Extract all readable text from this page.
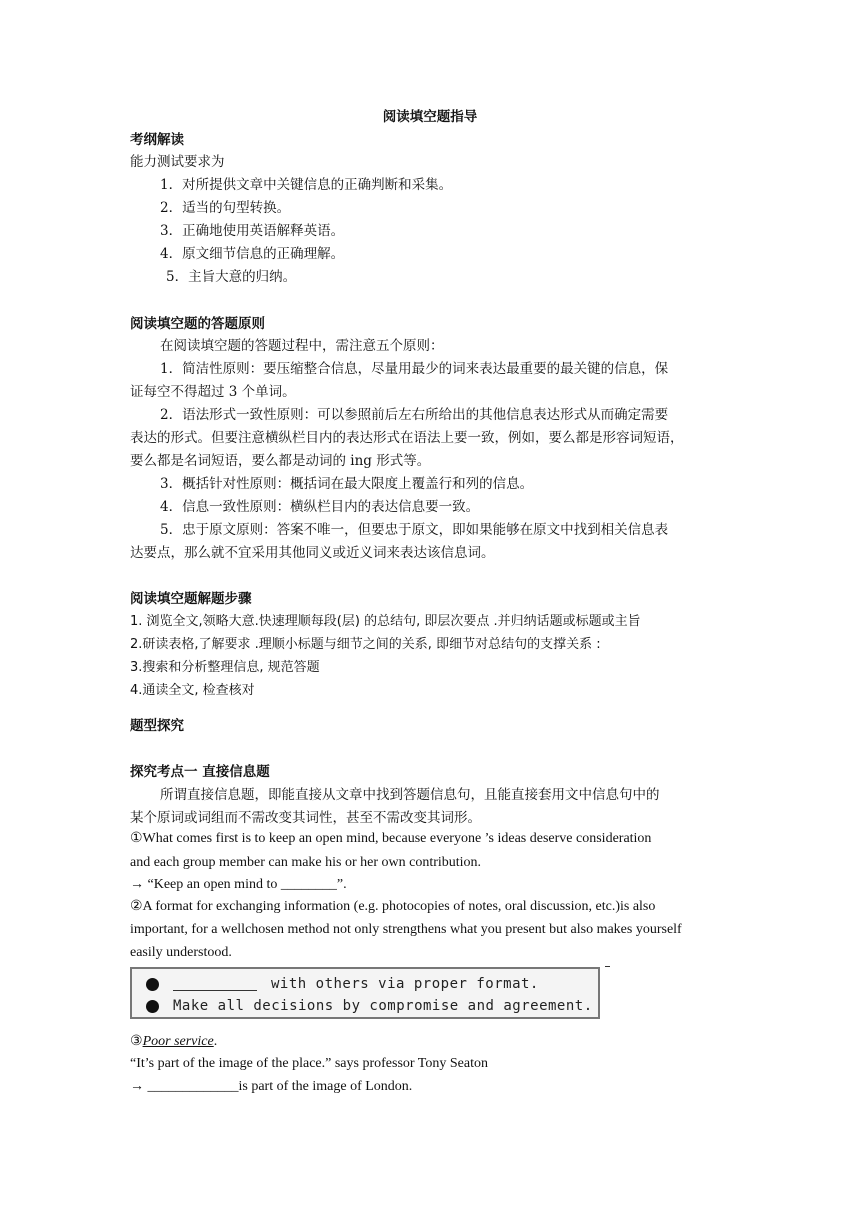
阅读填空题指导
考纲解读
能力测试要求为
1．对所提供文章中关键信息的正确判断和采集。
2．适当的句型转换。
3．正确地使用英语解释英语。
4．原文细节信息的正确理解。
5．主旨大意的归纳。
阅读填空题的答题原则
在阅读填空题的答题过程中，需注意五个原则：
1．简洁性原则：要压缩整合信息，尽量用最少的词来表达最重要的最关键的信息，保
证每空不得超过 3 个单词。
2．语法形式一致性原则：可以参照前后左右所给出的其他信息表达形式从而确定需要
表达的形式。但要注意横纵栏目内的表达形式在语法上要一致，例如，要么都是形容词短语，
要么都是名词短语，要么都是动词的 ing 形式等。
3．概括针对性原则：概括词在最大限度上覆盖行和列的信息。
4．信息一致性原则：横纵栏目内的表达信息要一致。
5．忠于原文原则：答案不唯一，但要忠于原文，即如果能够在原文中找到相关信息表
达要点，那么就不宜采用其他同义或近义词来表达该信息词。
阅读填空题解题步骤
1. 浏览全文,领略大意.快速理顺每段(层) 的总结句, 即层次要点 .并归纳话题或标题或主旨
2.研读表格,了解要求 .理顺小标题与细节之间的关系, 即细节对总结句的支撑关系 :
3.搜索和分析整理信息, 规范答题
4.通读全文, 检查核对
题型探究
探究考点一 直接信息题
所谓直接信息题，即能直接从文章中找到答题信息句，且能直接套用文中信息句中的
某个原词或词组而不需改变其词性，甚至不需改变其词形。
①What comes first is to keep an open mind, because everyone ’s ideas deserve consideration
and each group member can make his or her own contribution.
→ “Keep an open mind to ________”.
②A format for exchanging information (e.g. photocopies of notes, oral discussion, etc.)is also
important, for a wellchosen method not only strengthens what you present but also makes yourself
easily understood.
with others via proper format.
Make all decisions by compromise and agreement.
③Poor service.
“It’s part of the image of the place.” says professor Tony Seaton
→ _____________is part of the image of London.
